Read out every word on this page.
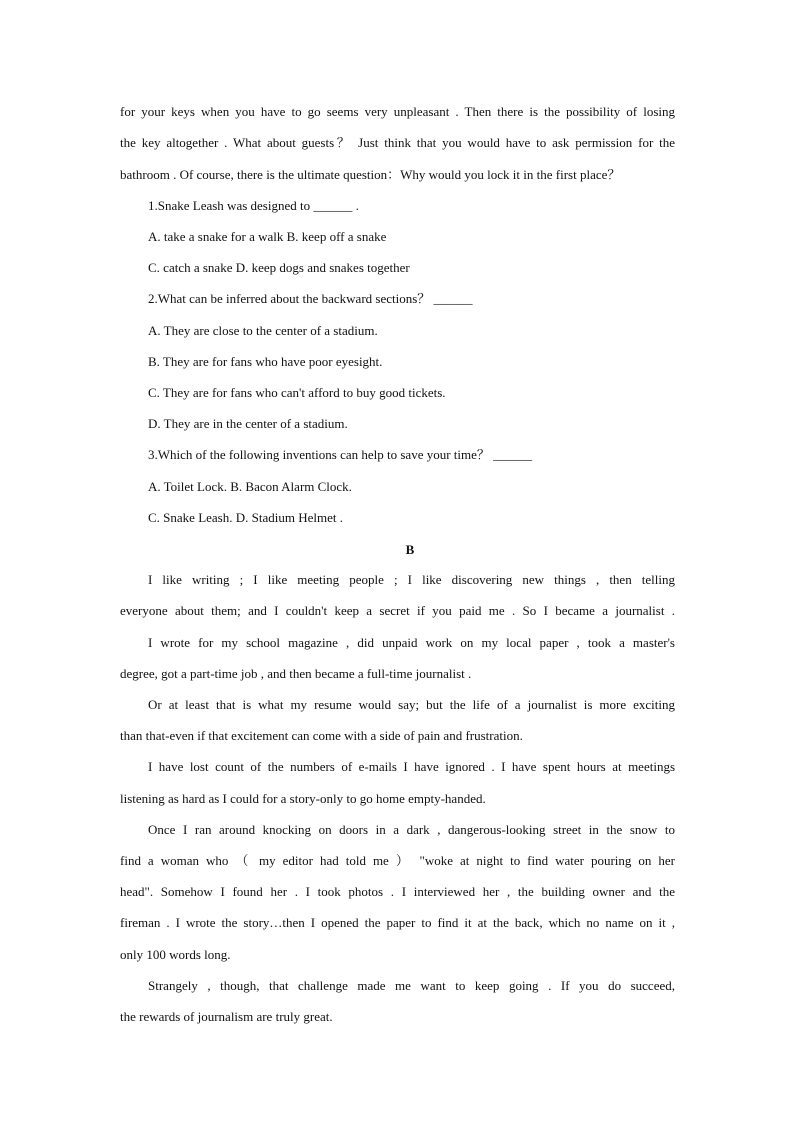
for your keys when you have to go seems very unpleasant . Then there is the possibility of losing

the key altogether . What about guests？ Just think that you would have to ask permission for the

bathroom . Of course, there is the ultimate question：Why would you lock it in the first place？

1.Snake Leash was designed to ______ .

A. take a snake for a walk B. keep off a snake

C. catch a snake D. keep dogs and snakes together

2.What can be inferred about the backward sections？ ______

A. They are close to the center of a stadium.

B. They are for fans who have poor eyesight.

C. They are for fans who can't afford to buy good tickets.

D. They are in the center of a stadium.

3.Which of the following inventions can help to save your time？ ______

A. Toilet Lock. B. Bacon Alarm Clock.

C. Snake Leash. D. Stadium Helmet .

B

I like writing ; I like meeting people ; I like discovering new things , then telling

everyone about them; and I couldn't keep a secret if you paid me . So I became a journalist .

I wrote for my school magazine , did unpaid work on my local paper , took a master's

degree, got a part-time job , and then became a full-time journalist .

Or at least that is what my resume would say; but the life of a journalist is more exciting

than that-even if that excitement can come with a side of pain and frustration.

I have lost count of the numbers of e-mails I have ignored . I have spent hours at meetings

listening as hard as I could for a story-only to go home empty-handed.

Once I ran around knocking on doors in a dark , dangerous-looking street in the snow to

find a woman who （ my editor had told me ） "woke at night to find water pouring on her

head". Somehow I found her . I took photos . I interviewed her , the building owner and the

fireman . I wrote the story…then I opened the paper to find it at the back, which no name on it ,

only 100 words long.

Strangely , though, that challenge made me want to keep going . If you do succeed,

the rewards of journalism are truly great.
